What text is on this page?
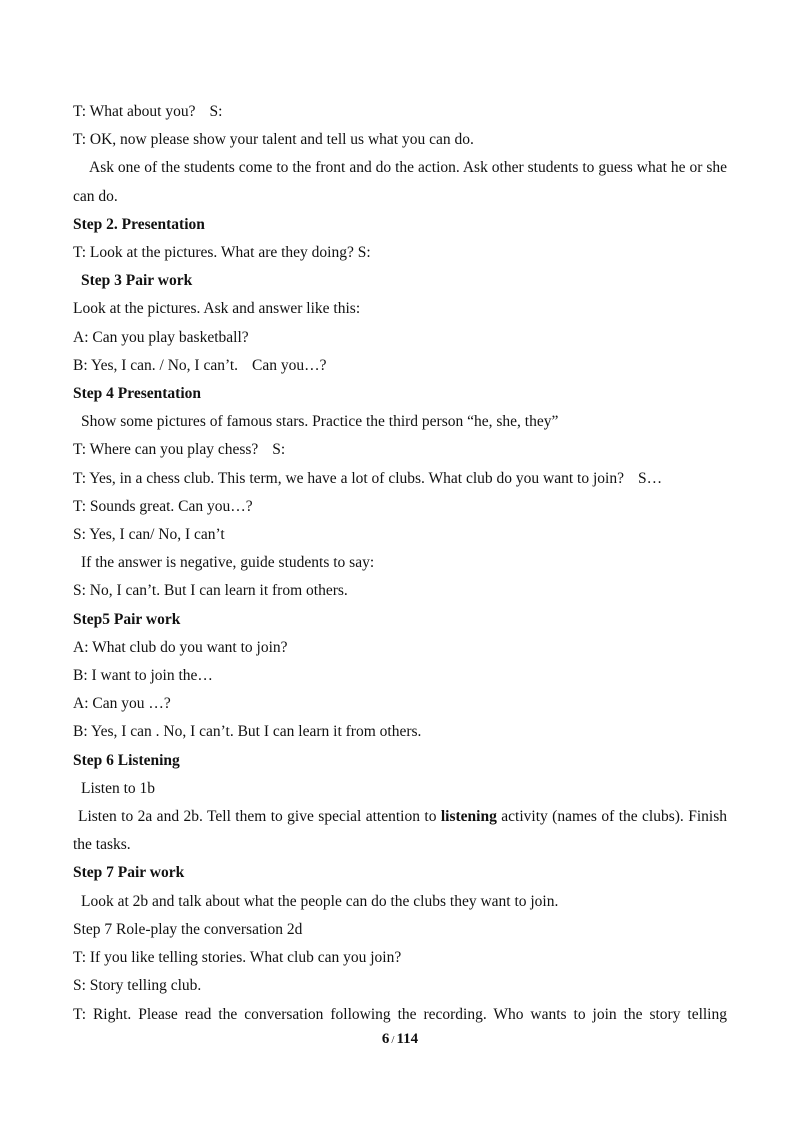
T: What about you? S:
T: OK, now please show your talent and tell us what you can do.
Ask one of the students come to the front and do the action. Ask other students to guess what he or she can do.
Step 2. Presentation
T: Look at the pictures. What are they doing? S:
Step 3 Pair work
Look at the pictures. Ask and answer like this:
A: Can you play basketball?
B: Yes, I can. / No, I can’t. Can you…?
Step 4 Presentation
Show some pictures of famous stars. Practice the third person “he, she, they”
T: Where can you play chess? S:
T: Yes, in a chess club. This term, we have a lot of clubs. What club do you want to join? S…
T: Sounds great. Can you…?
S: Yes, I can/ No, I can’t
If the answer is negative, guide students to say:
S: No, I can’t. But I can learn it from others.
Step5 Pair work
A: What club do you want to join?
B: I want to join the…
A: Can you …?
B: Yes, I can . No, I can’t. But I can learn it from others.
Step 6 Listening
Listen to 1b
Listen to 2a and 2b. Tell them to give special attention to listening activity (names of the clubs). Finish the tasks.
Step 7 Pair work
Look at 2b and talk about what the people can do the clubs they want to join.
Step 7 Role-play the conversation 2d
T: If you like telling stories. What club can you join?
S: Story telling club.
T: Right. Please read the conversation following the recording. Who wants to join the story telling
6 / 114
